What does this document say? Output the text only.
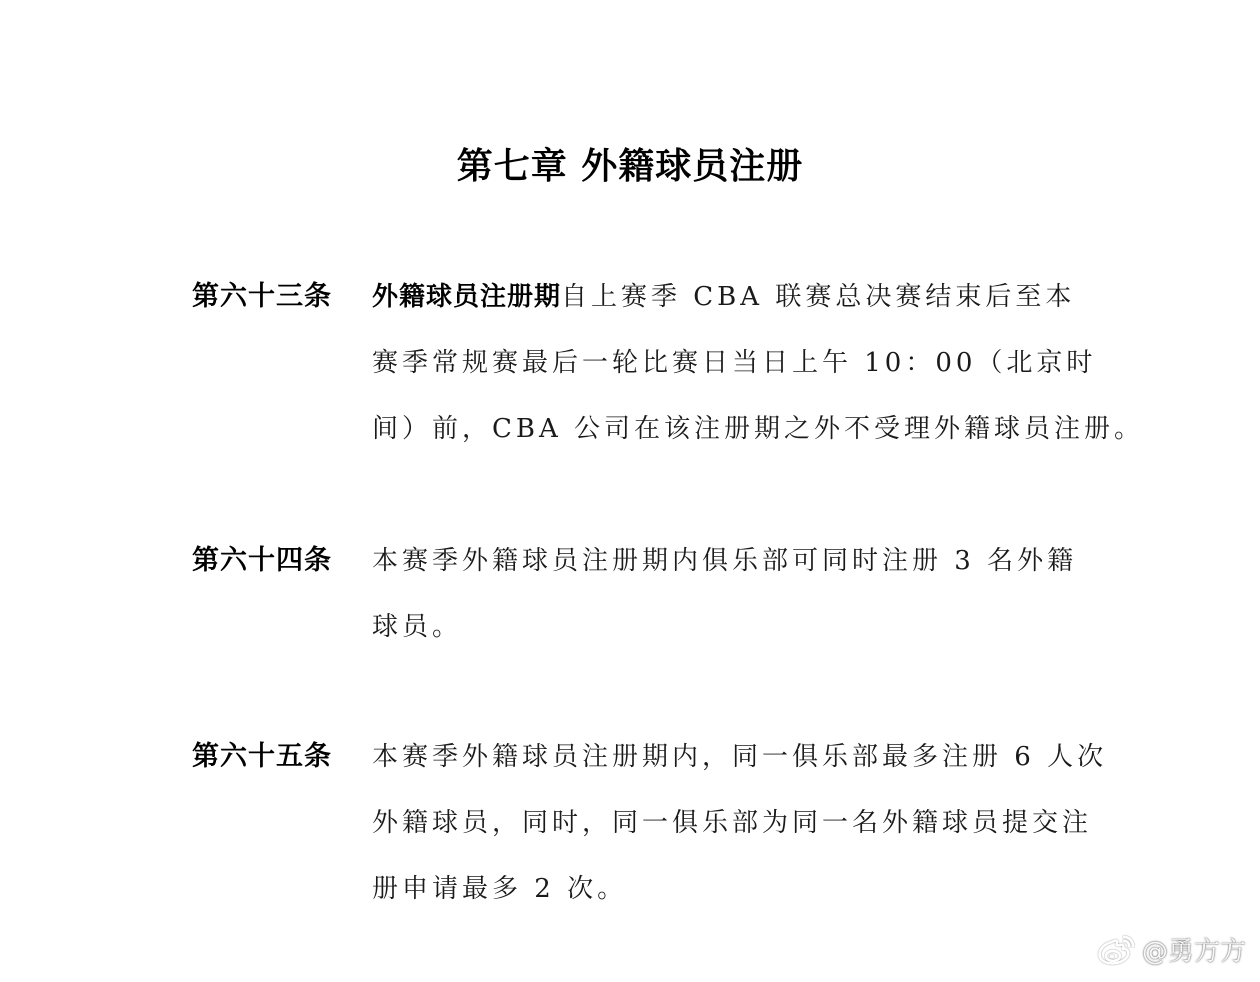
第七章 外籍球员注册
第六十三条	外籍球员注册期自上赛季 CBA 联赛总决赛结束后至本
赛季常规赛最后一轮比赛日当日上午 10：00（北京时
间）前，CBA 公司在该注册期之外不受理外籍球员注册。
第六十四条	本赛季外籍球员注册期内俱乐部可同时注册 3 名外籍
球员。
第六十五条	本赛季外籍球员注册期内，同一俱乐部最多注册 6 人次
外籍球员，同时，同一俱乐部为同一名外籍球员提交注
册申请最多 2 次。
@勇方方
